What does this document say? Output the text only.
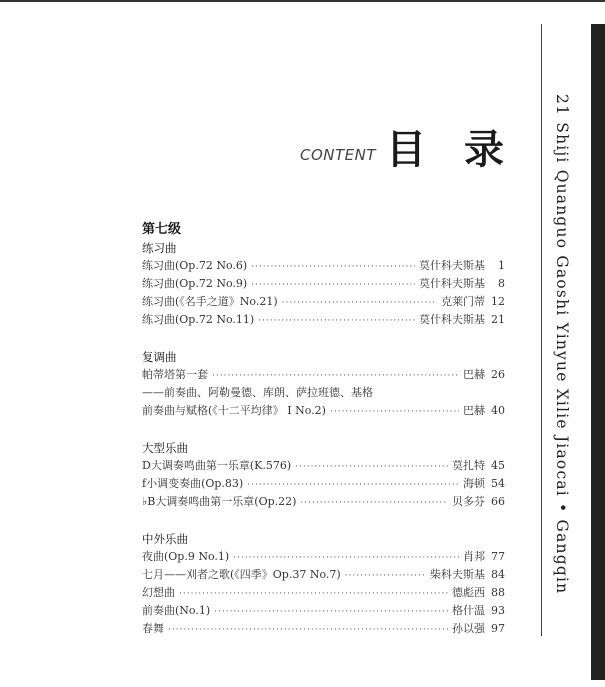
21 Shiji Quanguo Gaoshi Yinyue Xilie Jiaocai • Gangqin
CONTENT 目 录
第七级
练习曲
练习曲(Op.72 No.6) ·····	莫什科夫斯基	1
练习曲(Op.72 No.9) ·····	莫什科夫斯基	8
练习曲(《名手之道》No.21) ·····	克莱门蒂 12
练习曲(Op.72 No.11) ·····	莫什科夫斯基 21
复调曲
帕蒂塔第一套 ·····	巴赫 26
——前奏曲、阿勒曼德、库朗、萨拉班德、基格
前奏曲与赋格(《十二平均律》 I No.2) ·····	巴赫 40
大型乐曲
D大调奏鸣曲第一乐章(K.576) ·····	莫扎特 45
f小调变奏曲(Op.83) ·····	海顿 54
♭B大调奏鸣曲第一乐章(Op.22) ·····	贝多芬 66
中外乐曲
夜曲(Op.9 No.1) ·····	肖邦 77
七月——刈者之歌(《四季》Op.37 No.7) ·····	柴科夫斯基 84
幻想曲 ·····	德彪西 88
前奏曲(No.1) ·····	格什温 93
春舞 ·····	孙以强 97
